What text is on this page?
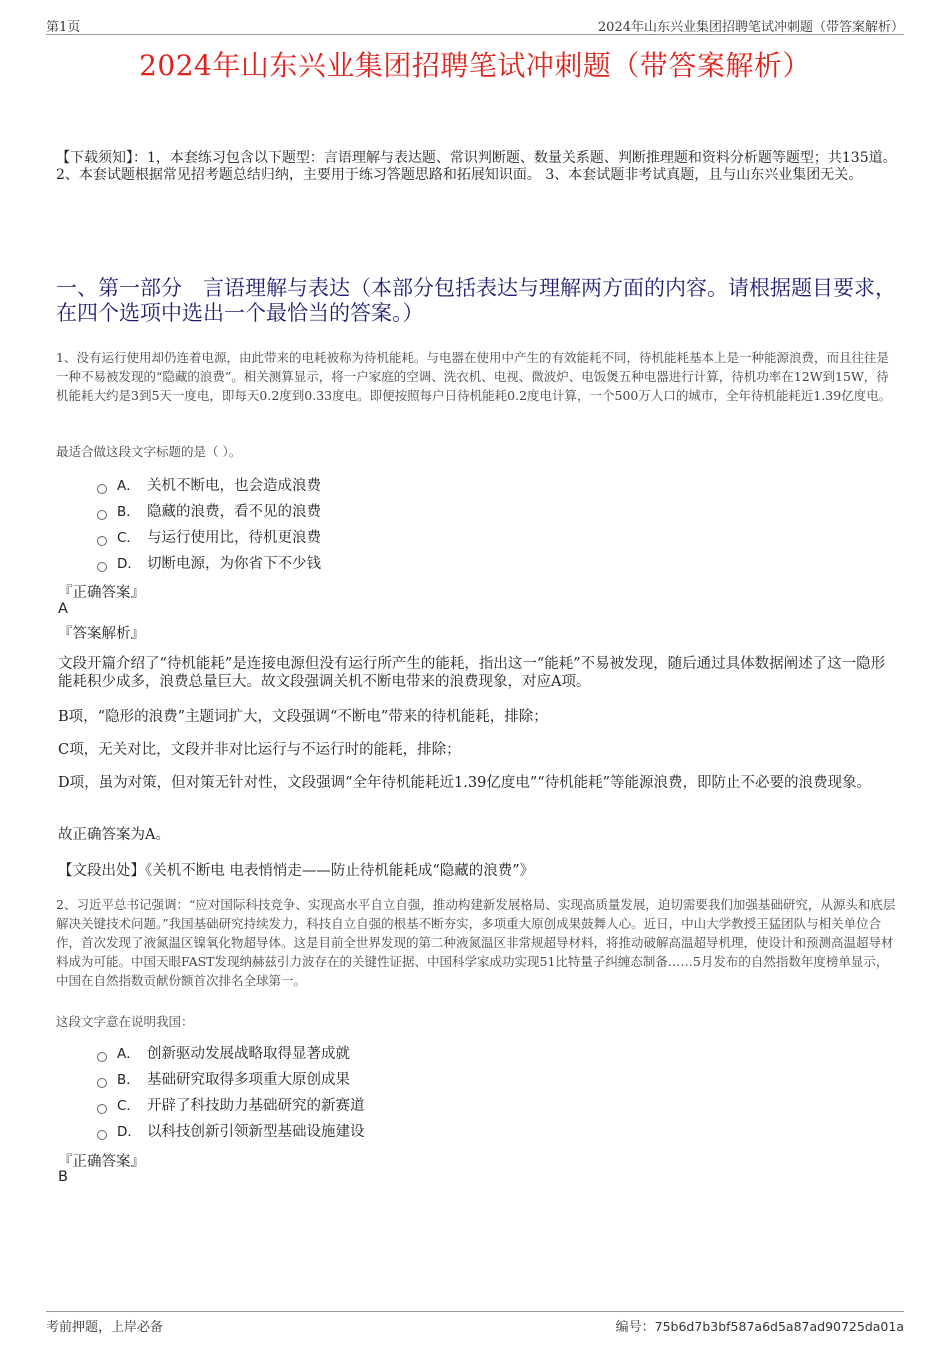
第1页	2024年山东兴业集团招聘笔试冲刺题（带答案解析）
2024年山东兴业集团招聘笔试冲刺题（带答案解析）
【下载须知】：1，本套练习包含以下题型：言语理解与表达题、常识判断题、数量关系题、判断推理题和资料分析题等题型；共135道。 2、本套试题根据常见招考题总结归纳，主要用于练习答题思路和拓展知识面。 3、本套试题非考试真题，且与山东兴业集团无关。
一、第一部分　言语理解与表达（本部分包括表达与理解两方面的内容。请根据题目要求，在四个选项中选出一个最恰当的答案。）
1、没有运行使用却仍连着电源，由此带来的电耗被称为待机能耗。与电器在使用中产生的有效能耗不同，待机能耗基本上是一种能源浪费，而且往往是一种不易被发现的“隐藏的浪费”。相关测算显示，将一户家庭的空调、洗衣机、电视、微波炉、电饭煲五种电器进行计算，待机功率在12W到15W，待机能耗大约是3到5天一度电，即每天0.2度到0.33度电。即便按照每户日待机能耗0.2度电计算，一个500万人口的城市，全年待机能耗近1.39亿度电。
最适合做这段文字标题的是（ ）。
A． 关机不断电，也会造成浪费
B． 隐藏的浪费，看不见的浪费
C． 与运行使用比，待机更浪费
D． 切断电源，为你省下不少钱
『正确答案』
A
『答案解析』
文段开篇介绍了“待机能耗”是连接电源但没有运行所产生的能耗，指出这一“能耗”不易被发现，随后通过具体数据阐述了这一隐形能耗积少成多，浪费总量巨大。故文段强调关机不断电带来的浪费现象，对应A项。
B项，“隐形的浪费”主题词扩大，文段强调“不断电”带来的待机能耗，排除；
C项，无关对比，文段并非对比运行与不运行时的能耗，排除；
D项，虽为对策，但对策无针对性，文段强调“全年待机能耗近1.39亿度电”“待机能耗”等能源浪费，即防止不必要的浪费现象。
故正确答案为A。
【文段出处】《关机不断电 电表悄悄走——防止待机能耗成“隐藏的浪费”》
2、习近平总书记强调：“应对国际科技竞争、实现高水平自立自强，推动构建新发展格局、实现高质量发展，迫切需要我们加强基础研究，从源头和底层解决关键技术问题。”我国基础研究持续发力，科技自立自强的根基不断夯实，多项重大原创成果鼓舞人心。近日，中山大学教授王猛团队与相关单位合作，首次发现了液氮温区镍氧化物超导体。这是目前全世界发现的第二种液氮温区非常规超导材料，将推动破解高温超导机理，使设计和预测高温超导材料成为可能。中国天眼FAST发现纳赫兹引力波存在的关键性证据、中国科学家成功实现51比特量子纠缠态制备……5月发布的自然指数年度榜单显示，中国在自然指数贡献份额首次排名全球第一。
这段文字意在说明我国：
A． 创新驱动发展战略取得显著成就
B． 基础研究取得多项重大原创成果
C． 开辟了科技助力基础研究的新赛道
D． 以科技创新引领新型基础设施建设
『正确答案』
B
考前押题，上岸必备	编号：75b6d7b3bf587a6d5a87ad90725da01a
